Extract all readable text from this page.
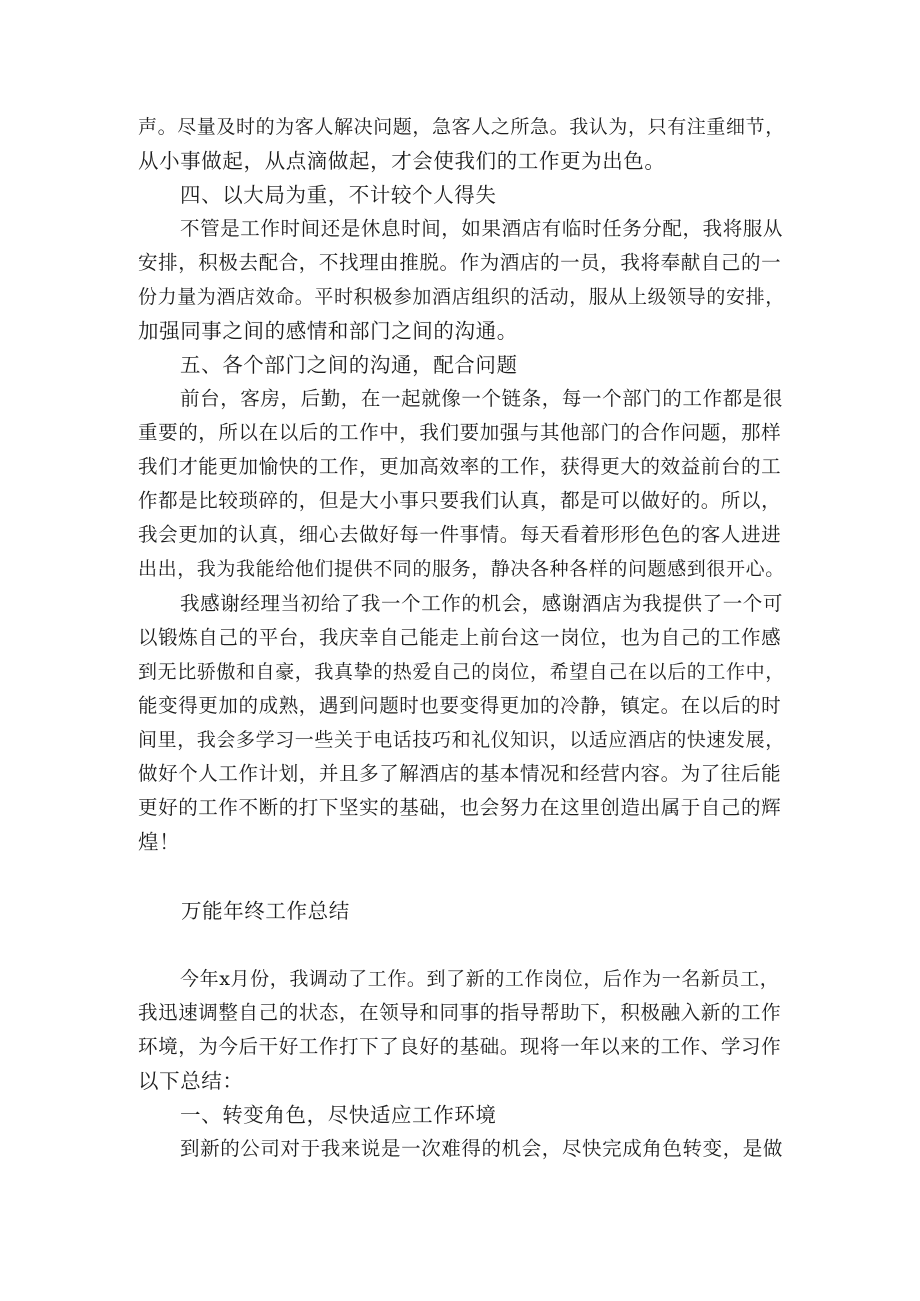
声。尽量及时的为客人解决问题，急客人之所急。我认为，只有注重细节，
从小事做起，从点滴做起，才会使我们的工作更为出色。
四、以大局为重，不计较个人得失
不管是工作时间还是休息时间，如果酒店有临时任务分配，我将服从
安排，积极去配合，不找理由推脱。作为酒店的一员，我将奉献自己的一
份力量为酒店效命。平时积极参加酒店组织的活动，服从上级领导的安排，
加强同事之间的感情和部门之间的沟通。
五、各个部门之间的沟通，配合问题
前台，客房，后勤，在一起就像一个链条，每一个部门的工作都是很
重要的，所以在以后的工作中，我们要加强与其他部门的合作问题，那样
我们才能更加愉快的工作，更加高效率的工作，获得更大的效益前台的工
作都是比较琐碎的，但是大小事只要我们认真，都是可以做好的。所以，
我会更加的认真，细心去做好每一件事情。每天看着形形色色的客人进进
出出，我为我能给他们提供不同的服务，静决各种各样的问题感到很开心。
我感谢经理当初给了我一个工作的机会，感谢酒店为我提供了一个可
以锻炼自己的平台，我庆幸自己能走上前台这一岗位，也为自己的工作感
到无比骄傲和自豪，我真挚的热爱自己的岗位，希望自己在以后的工作中，
能变得更加的成熟，遇到问题时也要变得更加的冷静，镇定。在以后的时
间里，我会多学习一些关于电话技巧和礼仪知识，以适应酒店的快速发展，
做好个人工作计划，并且多了解酒店的基本情况和经营内容。为了往后能
更好的工作不断的打下坚实的基础，也会努力在这里创造出属于自己的辉
煌！
万能年终工作总结
今年x月份，我调动了工作。到了新的工作岗位，后作为一名新员工，
我迅速调整自己的状态，在领导和同事的指导帮助下，积极融入新的工作
环境，为今后干好工作打下了良好的基础。现将一年以来的工作、学习作
以下总结：
一、转变角色，尽快适应工作环境
到新的公司对于我来说是一次难得的机会，尽快完成角色转变，是做
